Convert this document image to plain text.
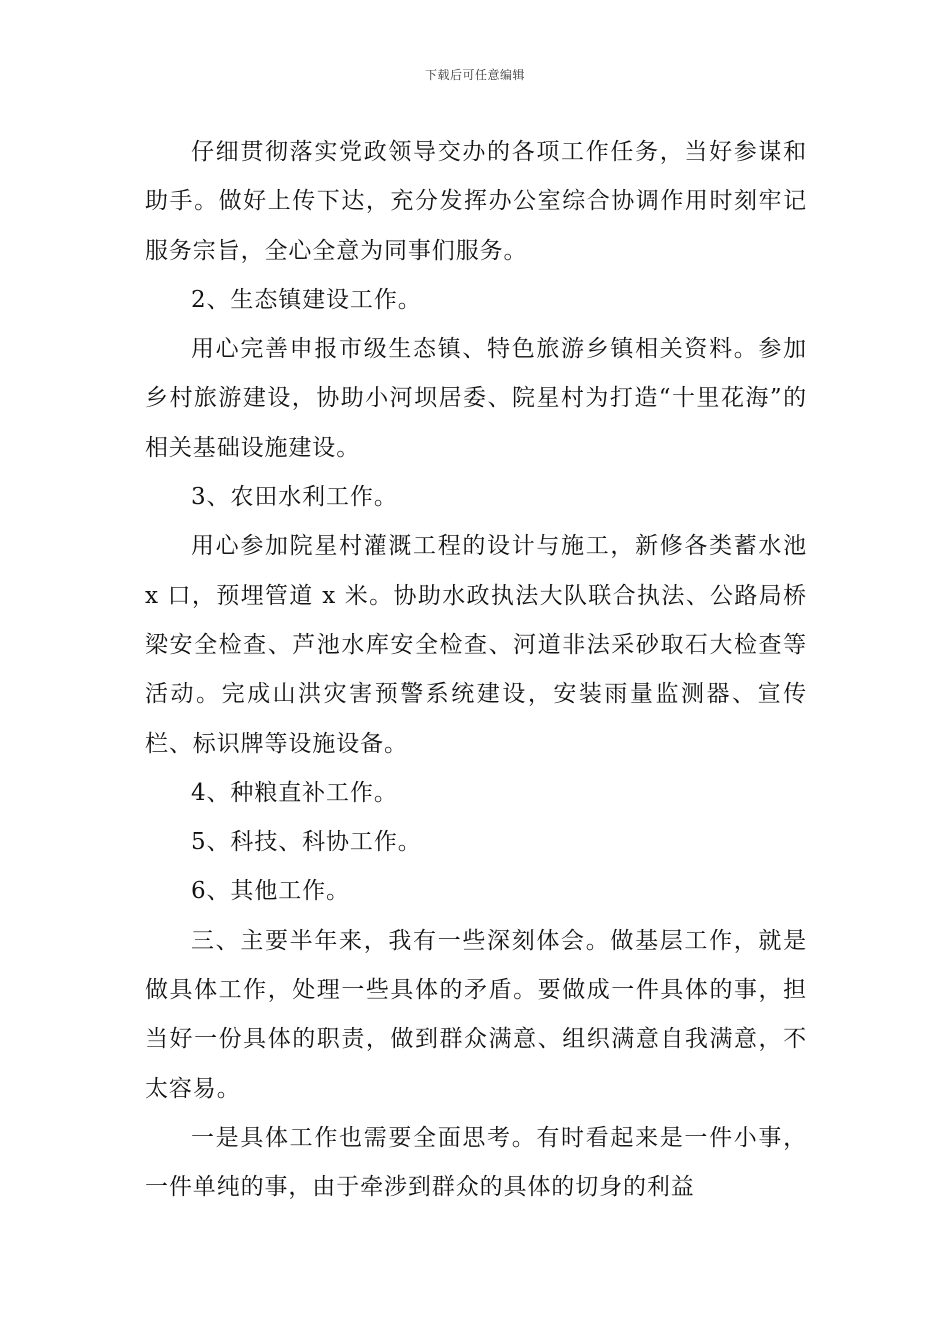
下载后可任意编辑

仔细贯彻落实党政领导交办的各项工作任务，当好参谋和助手。做好上传下达，充分发挥办公室综合协调作用时刻牢记服务宗旨，全心全意为同事们服务。

2、生态镇建设工作。

用心完善申报市级生态镇、特色旅游乡镇相关资料。参加乡村旅游建设，协助小河坝居委、院星村为打造“十里花海”的相关基础设施建设。

3、农田水利工作。

用心参加院星村灌溉工程的设计与施工，新修各类蓄水池 x 口，预埋管道 x 米。协助水政执法大队联合执法、公路局桥梁安全检查、芦池水库安全检查、河道非法采砂取石大检查等活动。完成山洪灾害预警系统建设，安装雨量监测器、宣传栏、标识牌等设施设备。

4、种粮直补工作。

5、科技、科协工作。

6、其他工作。

三、主要半年来，我有一些深刻体会。做基层工作，就是做具体工作，处理一些具体的矛盾。要做成一件具体的事，担当好一份具体的职责，做到群众满意、组织满意自我满意，不太容易。

一是具体工作也需要全面思考。有时看起来是一件小事，一件单纯的事，由于牵涉到群众的具体的切身的利益
